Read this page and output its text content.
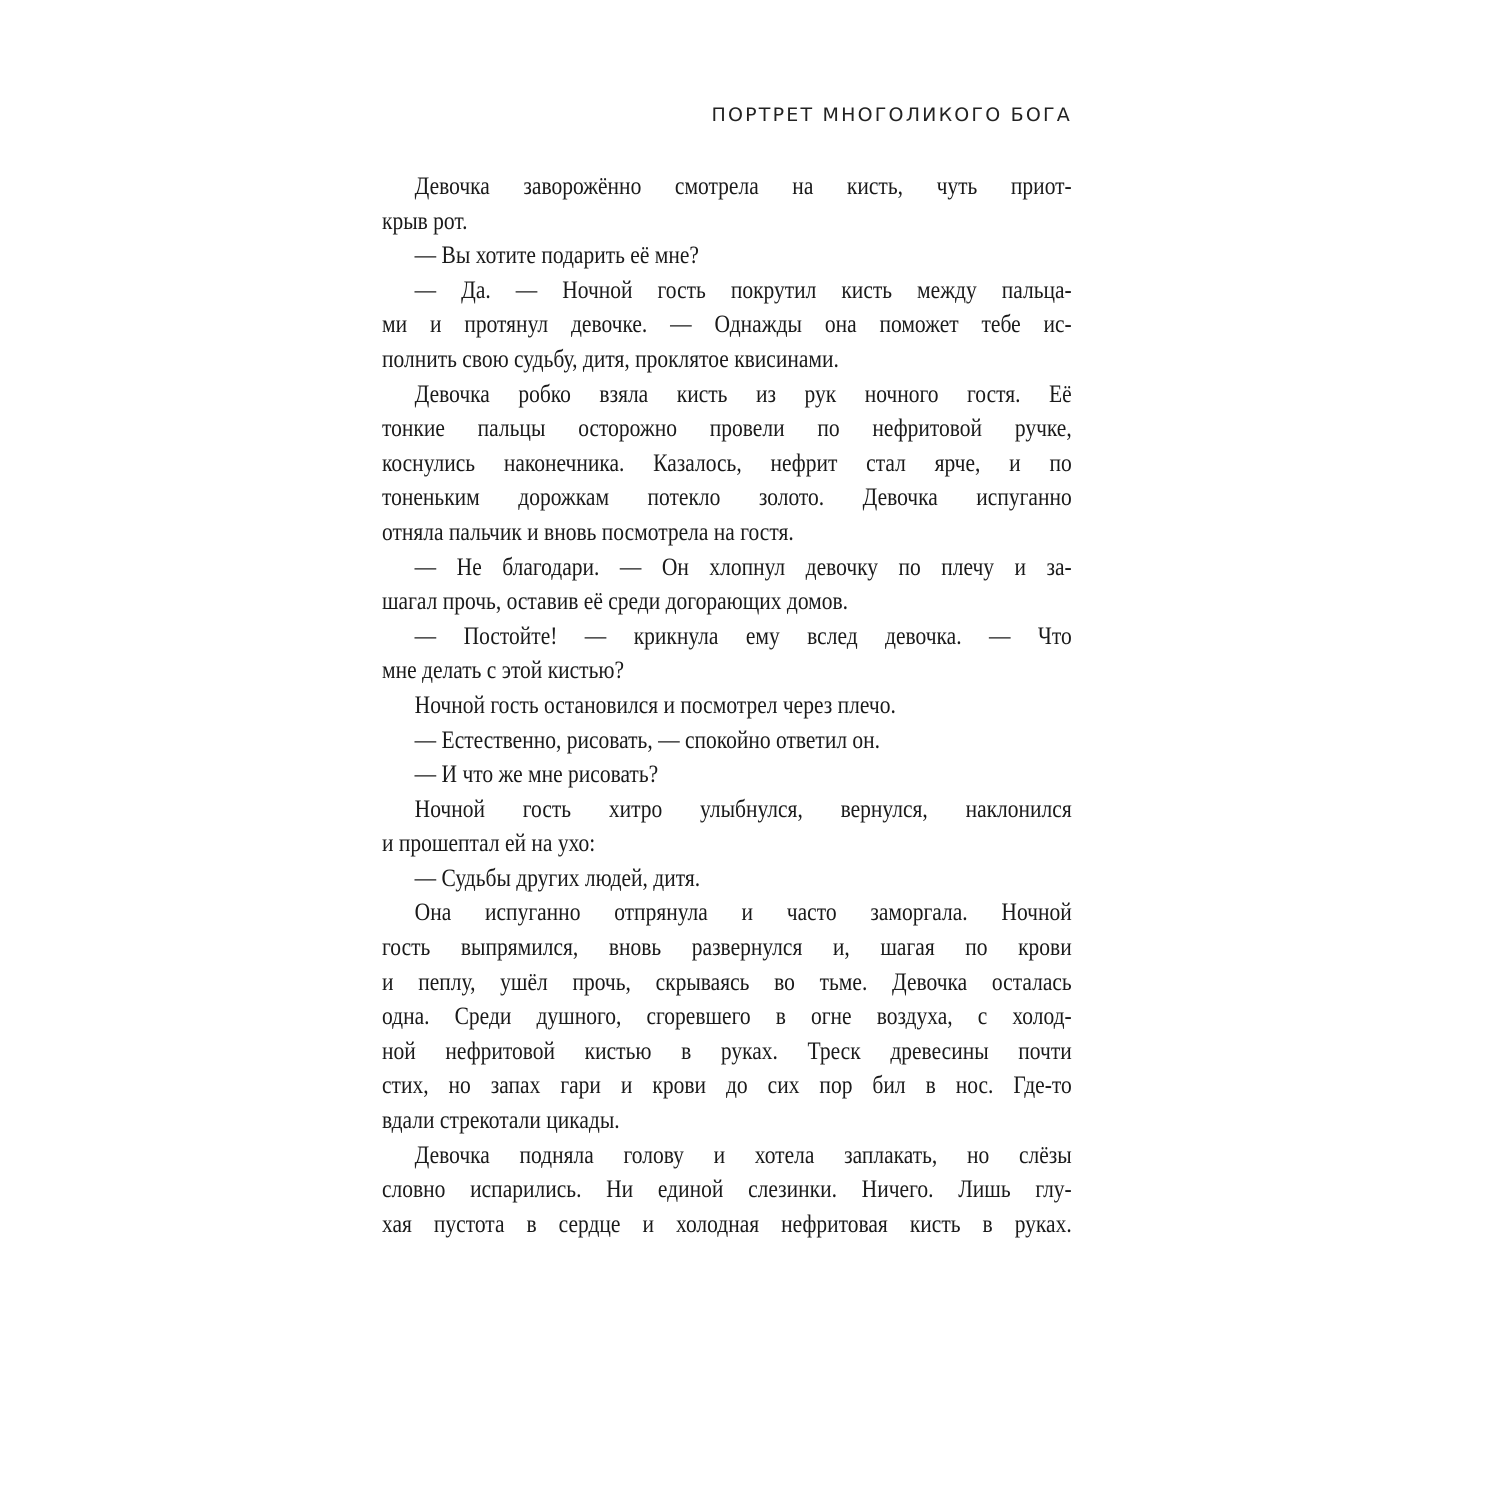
ПОРТРЕТ МНОГОЛИКОГО БОГА
Девочка заворожённо смотрела на кисть, чуть приот-
крыв рот.
— Вы хотите подарить её мне?
— Да. — Ночной гость покрутил кисть между пальца-
ми и протянул девочке. — Однажды она поможет тебе ис-
полнить свою судьбу, дитя, проклятое квисинами.
Девочка робко взяла кисть из рук ночного гостя. Её
тонкие пальцы осторожно провели по нефритовой ручке,
коснулись наконечника. Казалось, нефрит стал ярче, и по
тоненьким дорожкам потекло золото. Девочка испуганно
отняла пальчик и вновь посмотрела на гостя.
— Не благодари. — Он хлопнул девочку по плечу и за-
шагал прочь, оставив её среди догорающих домов.
— Постойте! — крикнула ему вслед девочка. — Что
мне делать с этой кистью?
Ночной гость остановился и посмотрел через плечо.
— Естественно, рисовать, — спокойно ответил он.
— И что же мне рисовать?
Ночной гость хитро улыбнулся, вернулся, наклонился
и прошептал ей на ухо:
— Судьбы других людей, дитя.
Она испуганно отпрянула и часто заморгала. Ночной
гость выпрямился, вновь развернулся и, шагая по крови
и пеплу, ушёл прочь, скрываясь во тьме. Девочка осталась
одна. Среди душного, сгоревшего в огне воздуха, с холод-
ной нефритовой кистью в руках. Треск древесины почти
стих, но запах гари и крови до сих пор бил в нос. Где-то
вдали стрекотали цикады.
Девочка подняла голову и хотела заплакать, но слёзы
словно испарились. Ни единой слезинки. Ничего. Лишь глу-
хая пустота в сердце и холодная нефритовая кисть в руках.
